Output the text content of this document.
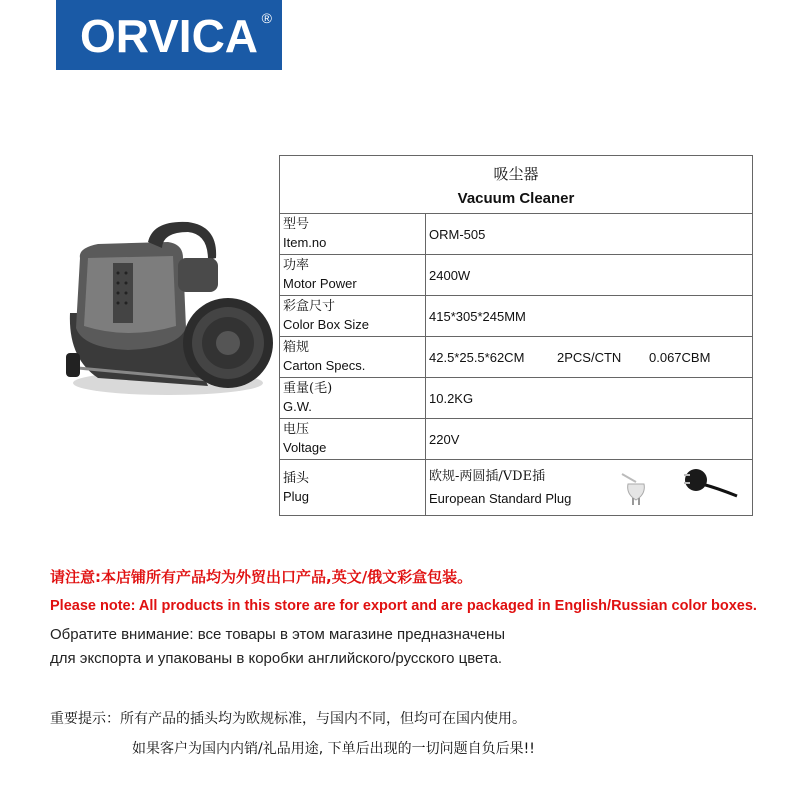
ORVICA ®
吸尘器
Vacuum Cleaner	

型号
Item.no	ORM-505

功率
Motor Power	2400W

彩盒尺寸
Color Box Size	415*305*245MM

箱规
Carton Specs.	42.5*25.5*62CM 2PCS/CTN 0.067CBM

重量(毛)
G.W.	10.2KG

电压
Voltage	220V

插头
Plug	欧规-两圆插/VDE插
European Standard Plug
请注意:本店铺所有产品均为外贸出口产品,英文/俄文彩盒包装。
Please note: All products in this store are for export and are packaged in English/Russian color boxes.
Обратите внимание: все товары в этом магазине предназначены
для экспорта и упакованы в коробки английского/русского цвета.
重要提示：所有产品的插头均为欧规标准，与国内不同，但均可在国内使用。
如果客户为国内内销/礼品用途, 下单后出现的一切问题自负后果!!
